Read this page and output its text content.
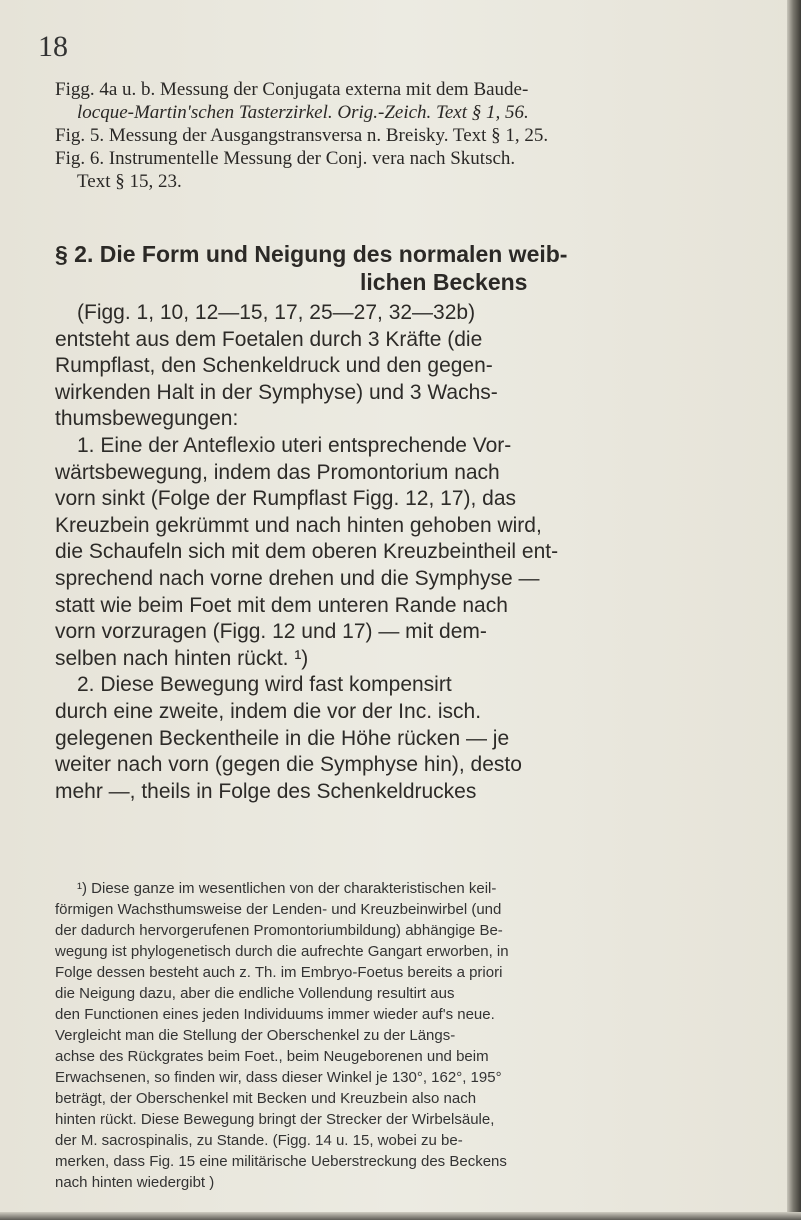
18

Figg. 4a u. b. Messung der Conjugata externa mit dem Baude-

locque-Martin'schen Tasterzirkel. Orig.-Zeich. Text § 1, 56.

Fig. 5. Messung der Ausgangstransversa n. Breisky. Text § 1, 25.

Fig. 6. Instrumentelle Messung der Conj. vera nach Skutsch.

Text § 15, 23.

§ 2. Die Form und Neigung des normalen weib-
lichen Beckens

(Figg. 1, 10, 12—15, 17, 25—27, 32—32b)

entsteht aus dem Foetalen durch 3 Kräfte (die

Rumpflast, den Schenkeldruck und den gegen-

wirkenden Halt in der Symphyse) und 3 Wachs-

thumsbewegungen:

1. Eine der Anteflexio uteri entsprechende Vor-

wärtsbewegung, indem das Promontorium nach

vorn sinkt (Folge der Rumpflast Figg. 12, 17), das

Kreuzbein gekrümmt und nach hinten gehoben wird,

die Schaufeln sich mit dem oberen Kreuzbeintheil ent-

sprechend nach vorne drehen und die Symphyse —

statt wie beim Foet mit dem unteren Rande nach

vorn vorzuragen (Figg. 12 und 17) — mit dem-

selben nach hinten rückt. ¹)

2. Diese Bewegung wird fast kompensirt

durch eine zweite, indem die vor der Inc. isch.

gelegenen Beckentheile in die Höhe rücken — je

weiter nach vorn (gegen die Symphyse hin), desto

mehr —, theils in Folge des Schenkeldruckes

¹) Diese ganze im wesentlichen von der charakteristischen keil-

förmigen Wachsthumsweise der Lenden- und Kreuzbeinwirbel (und

der dadurch hervorgerufenen Promontoriumbildung) abhängige Be-

wegung ist phylogenetisch durch die aufrechte Gangart erworben, in

Folge dessen besteht auch z. Th. im Embryo-Foetus bereits a priori

die Neigung dazu, aber die endliche Vollendung resultirt aus

den Functionen eines jeden Individuums immer wieder auf's neue.

Vergleicht man die Stellung der Oberschenkel zu der Längs-

achse des Rückgrates beim Foet., beim Neugeborenen und beim

Erwachsenen, so finden wir, dass dieser Winkel je 130°, 162°, 195°

beträgt, der Oberschenkel mit Becken und Kreuzbein also nach

hinten rückt. Diese Bewegung bringt der Strecker der Wirbelsäule,

der M. sacrospinalis, zu Stande. (Figg. 14 u. 15, wobei zu be-

merken, dass Fig. 15 eine militärische Ueberstreckung des Beckens

nach hinten wiedergibt )
